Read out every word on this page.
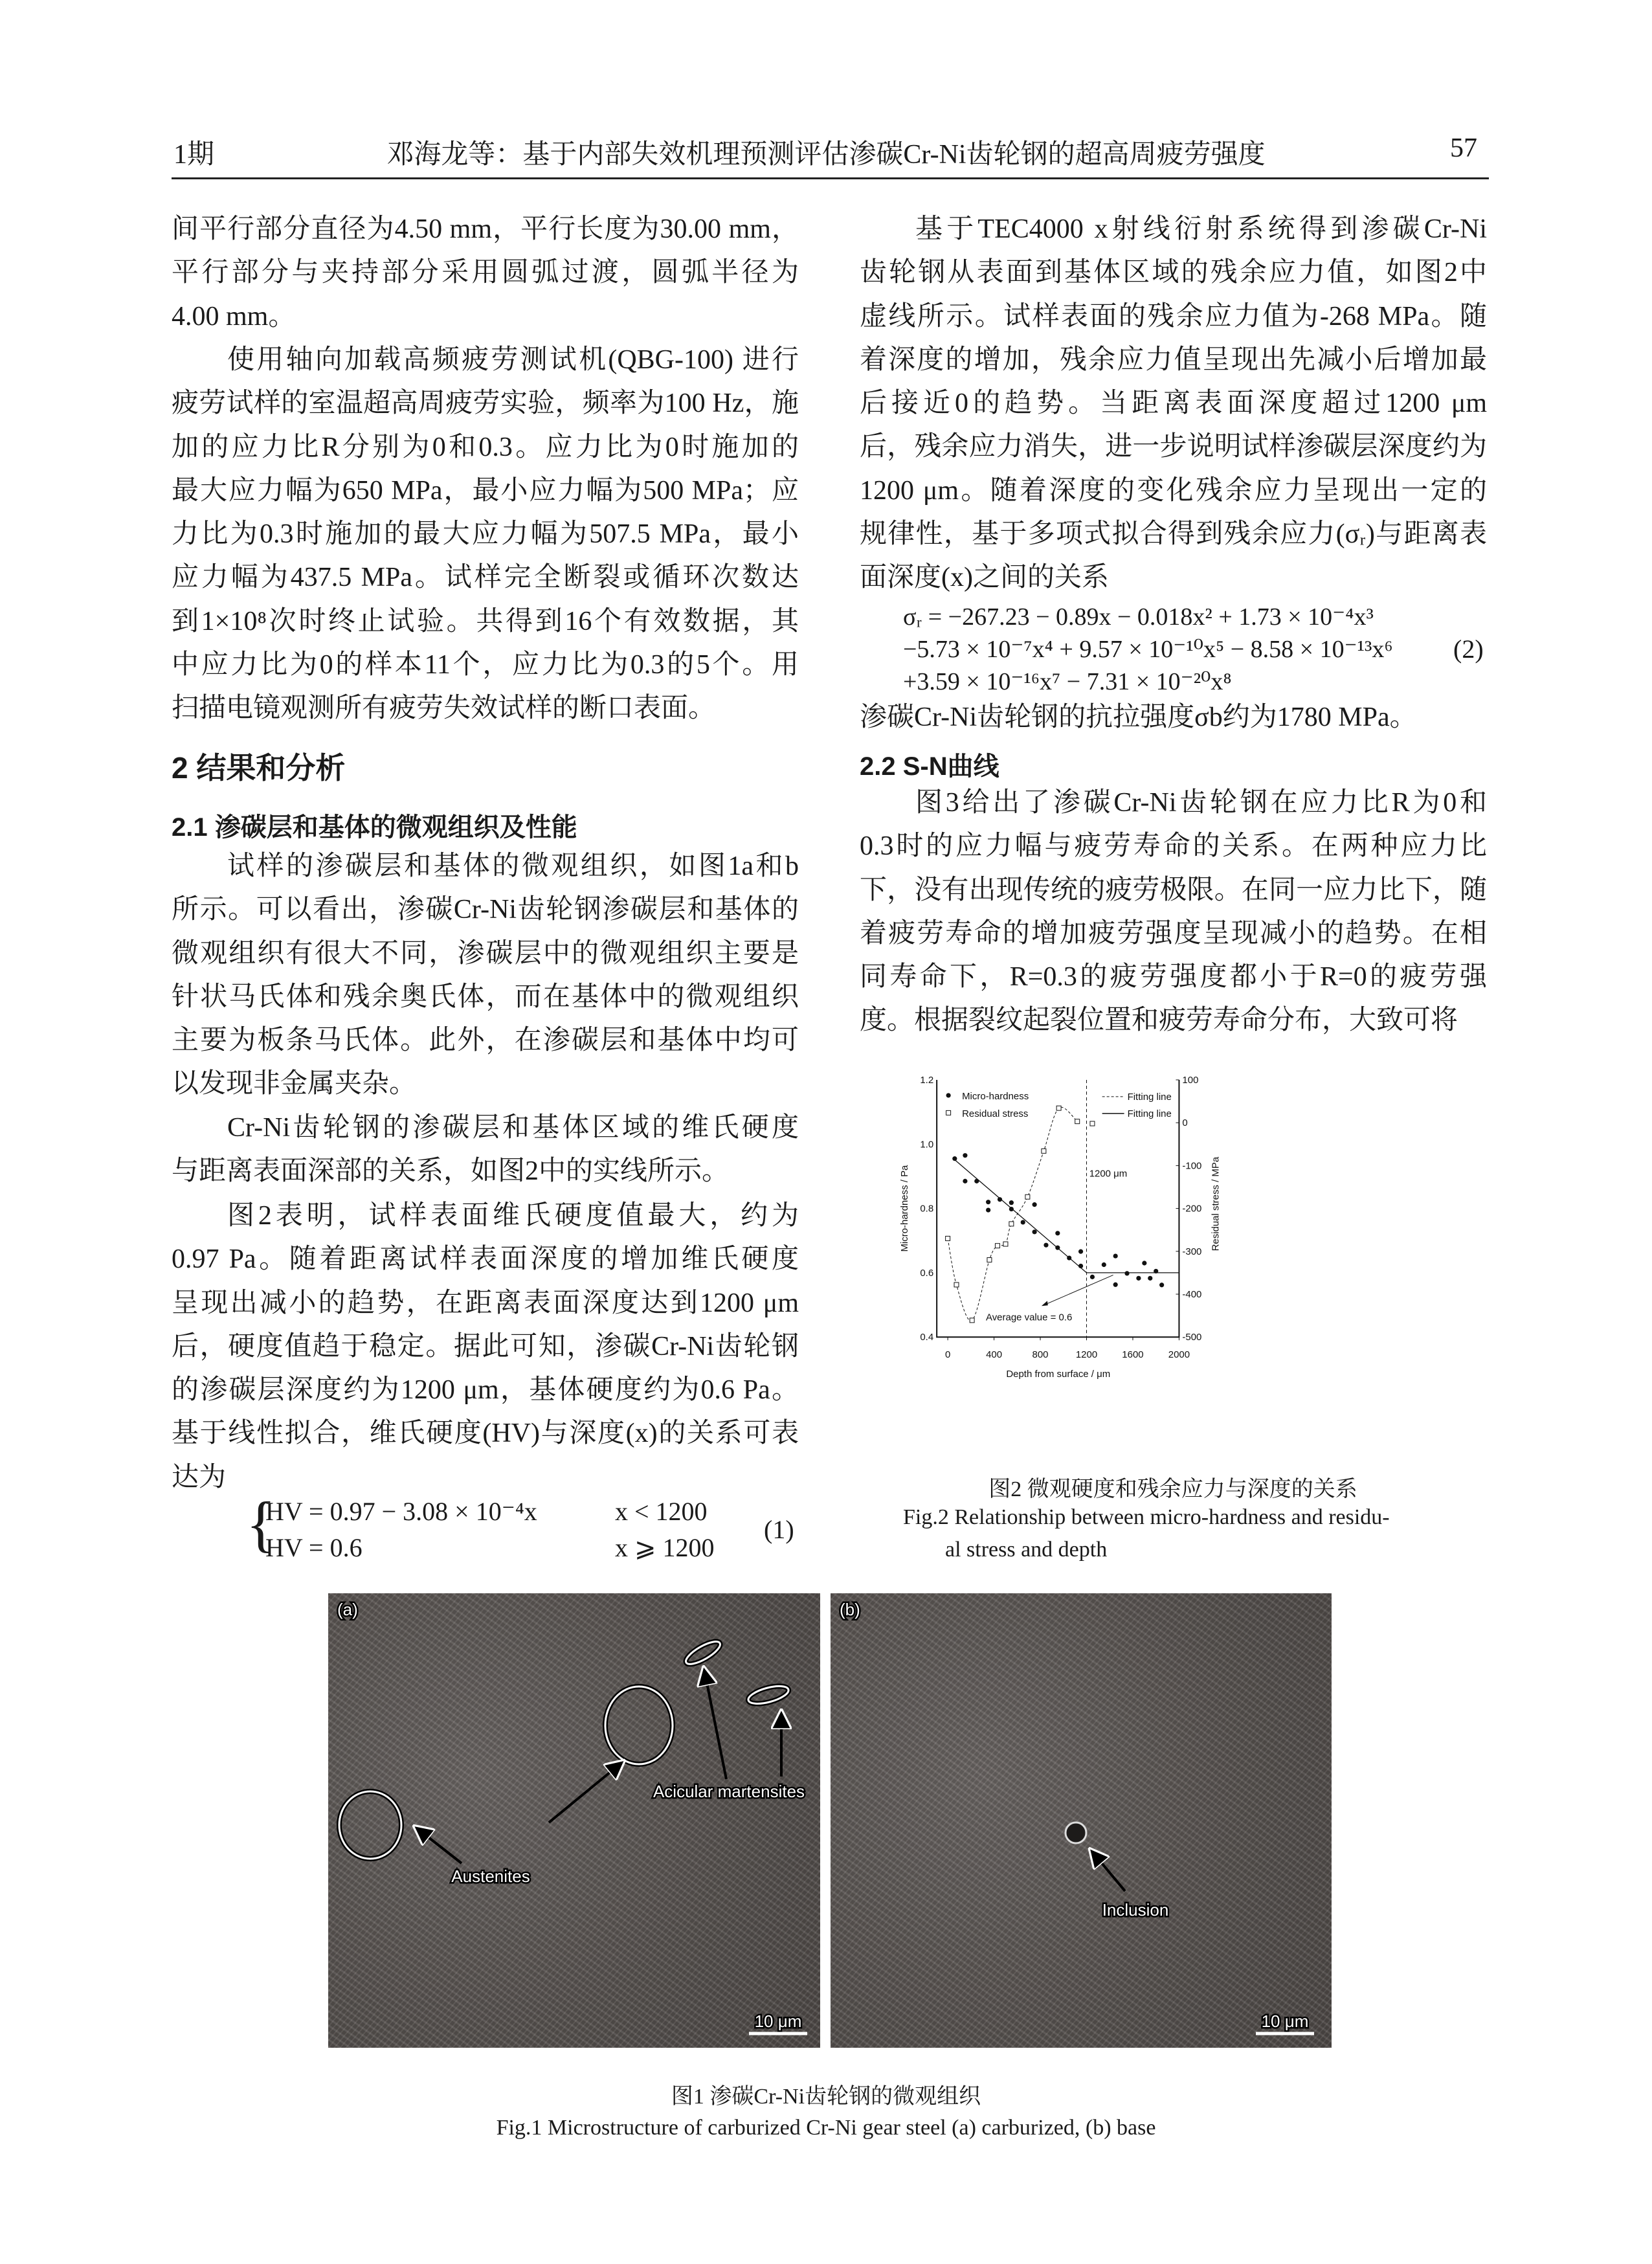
1期	邓海龙等：基于内部失效机理预测评估渗碳Cr-Ni齿轮钢的超高周疲劳强度	57
间平行部分直径为4.50 mm，平行长度为30.00 mm，
平行部分与夹持部分采用圆弧过渡，圆弧半径为
4.00 mm。
使用轴向加载高频疲劳测试机(QBG-100) 进行
疲劳试样的室温超高周疲劳实验，频率为100 Hz，施
加的应力比R分别为0和0.3。应力比为0时施加的
最大应力幅为650 MPa，最小应力幅为500 MPa；应
力比为0.3时施加的最大应力幅为507.5 MPa，最小
应力幅为437.5 MPa。试样完全断裂或循环次数达
到1×10⁸次时终止试验。共得到16个有效数据，其
中应力比为0的样本11个，应力比为0.3的5个。用
扫描电镜观测所有疲劳失效试样的断口表面。
2 结果和分析
2.1 渗碳层和基体的微观组织及性能
试样的渗碳层和基体的微观组织，如图1a和b
所示。可以看出，渗碳Cr-Ni齿轮钢渗碳层和基体的
微观组织有很大不同，渗碳层中的微观组织主要是
针状马氏体和残余奥氏体，而在基体中的微观组织
主要为板条马氏体。此外，在渗碳层和基体中均可
以发现非金属夹杂。
Cr-Ni齿轮钢的渗碳层和基体区域的维氏硬度
与距离表面深部的关系，如图2中的实线所示。
图2表明，试样表面维氏硬度值最大，约为
0.97 Pa。随着距离试样表面深度的增加维氏硬度
呈现出减小的趋势，在距离表面深度达到1200 μm
后，硬度值趋于稳定。据此可知，渗碳Cr-Ni齿轮钢
的渗碳层深度约为1200 μm，基体硬度约为0.6 Pa。
基于线性拟合，维氏硬度(HV)与深度(x)的关系可表
达为
{
HV = 0.97 − 3.08 × 10⁻⁴x	x < 1200
HV = 0.6	x ⩾ 1200
(1)
基于TEC4000 x射线衍射系统得到渗碳Cr-Ni
齿轮钢从表面到基体区域的残余应力值，如图2中
虚线所示。试样表面的残余应力值为-268 MPa。随
着深度的增加，残余应力值呈现出先减小后增加最
后接近0的趋势。当距离表面深度超过1200 μm
后，残余应力消失，进一步说明试样渗碳层深度约为
1200 μm。随着深度的变化残余应力呈现出一定的
规律性，基于多项式拟合得到残余应力(σᵣ)与距离表
面深度(x)之间的关系
σᵣ = −267.23 − 0.89x − 0.018x² + 1.73 × 10⁻⁴x³
−5.73 × 10⁻⁷x⁴ + 9.57 × 10⁻¹⁰x⁵ − 8.58 × 10⁻¹³x⁶
+3.59 × 10⁻¹⁶x⁷ − 7.31 × 10⁻²⁰x⁸
(2)
渗碳Cr-Ni齿轮钢的抗拉强度σb约为1780 MPa。
2.2 S-N曲线
图3给出了渗碳Cr-Ni齿轮钢在应力比R为0和
0.3时的应力幅与疲劳寿命的关系。在两种应力比
下，没有出现传统的疲劳极限。在同一应力比下，随
着疲劳寿命的增加疲劳强度呈现减小的趋势。在相
同寿命下，R=0.3的疲劳强度都小于R=0的疲劳强
度。根据裂纹起裂位置和疲劳寿命分布，大致可将
0	400	800	1200	1600	2000
0.4
0.6
0.8
1.0
1.2
-500
-400
-300
-200
-100
0
100
Depth from surface / μm
Micro-hardness / Pa	Residual stress / MPa
1200 μm
Average value = 0.6
Micro-hardness
Residual stress
Fitting line
Fitting line
图2 微观硬度和残余应力与深度的关系
Fig.2 Relationship between micro-hardness and residu-
al stress and depth
(a)
Austenites
Acicular martensites
10 μm
(b)
Inclusion
10 μm
图1 渗碳Cr-Ni齿轮钢的微观组织
Fig.1 Microstructure of carburized Cr-Ni gear steel (a) carburized, (b) base
